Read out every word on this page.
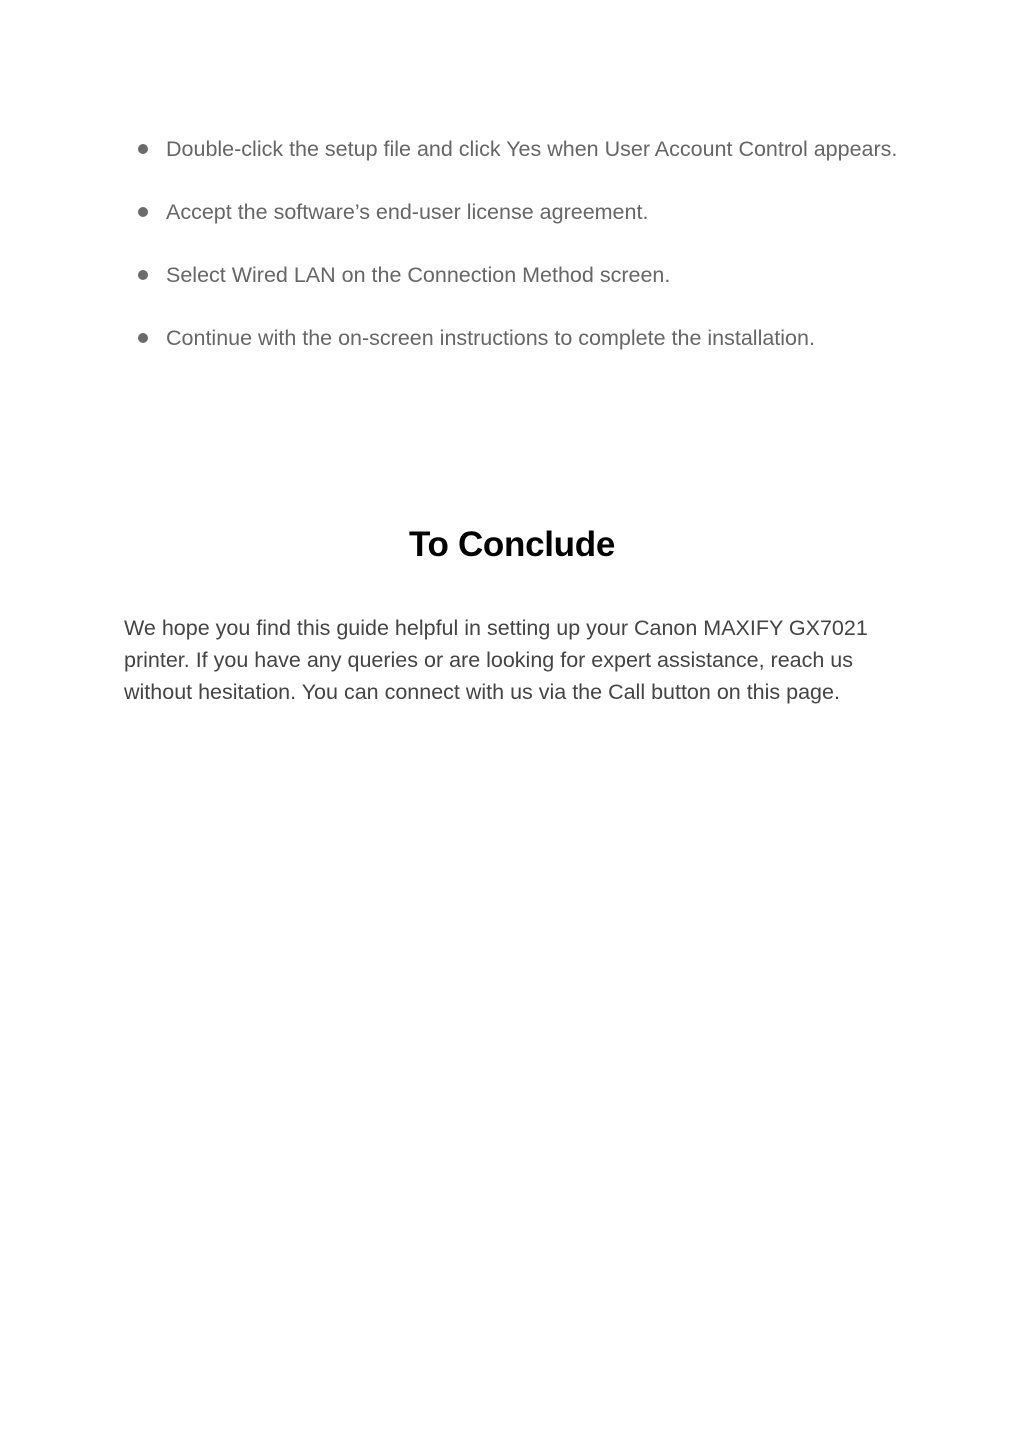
Double-click the setup file and click Yes when User Account Control appears.
Accept the software’s end-user license agreement.
Select Wired LAN on the Connection Method screen.
Continue with the on-screen instructions to complete the installation.
To Conclude

We hope you find this guide helpful in setting up your Canon MAXIFY GX7021 printer. If you have any queries or are looking for expert assistance, reach us without hesitation. You can connect with us via the Call button on this page.
